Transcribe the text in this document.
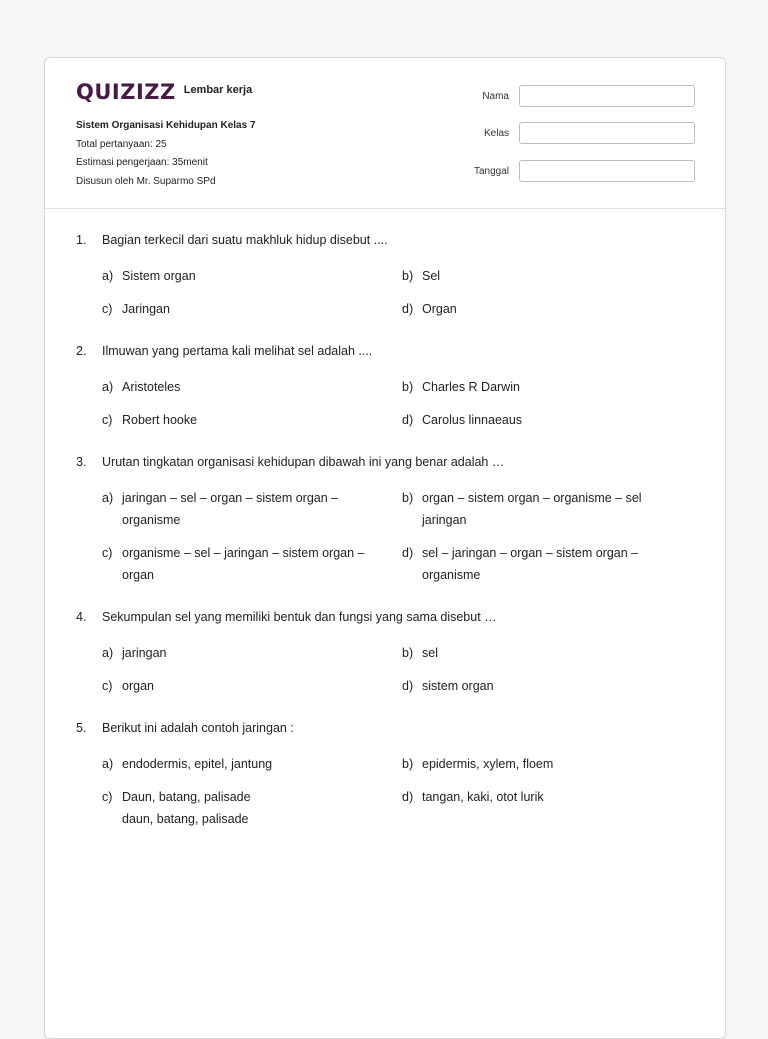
QUIZIZZ Lembar kerja
Sistem Organisasi Kehidupan Kelas 7
Total pertanyaan: 25
Estimasi pengerjaan: 35menit
Disusun oleh Mr. Suparmo SPd
Nama
Kelas
Tanggal
1.	Bagian terkecil dari suatu makhluk hidup disebut ....
a) Sistem organ	b) Sel
c) Jaringan	d) Organ
2.	Ilmuwan yang pertama kali melihat sel adalah ....
a) Aristoteles	b) Charles R Darwin
c) Robert hooke	d) Carolus linnaeaus
3.	Urutan tingkatan organisasi kehidupan dibawah ini yang benar adalah …
a) jaringan – sel – organ – sistem organ –
organisme
b) organ – sistem organ – organisme – sel
jaringan
c) organisme – sel – jaringan – sistem organ –
organ
d) sel – jaringan – organ – sistem organ –
organisme
4.	Sekumpulan sel yang memiliki bentuk dan fungsi yang sama disebut …
a) jaringan	b) sel
c) organ	d) sistem organ
5.	Berikut ini adalah contoh jaringan :
a) endodermis, epitel, jantung	b) epidermis, xylem, floem
c) Daun, batang, palisade
daun, batang, palisade
d) tangan, kaki, otot lurik
